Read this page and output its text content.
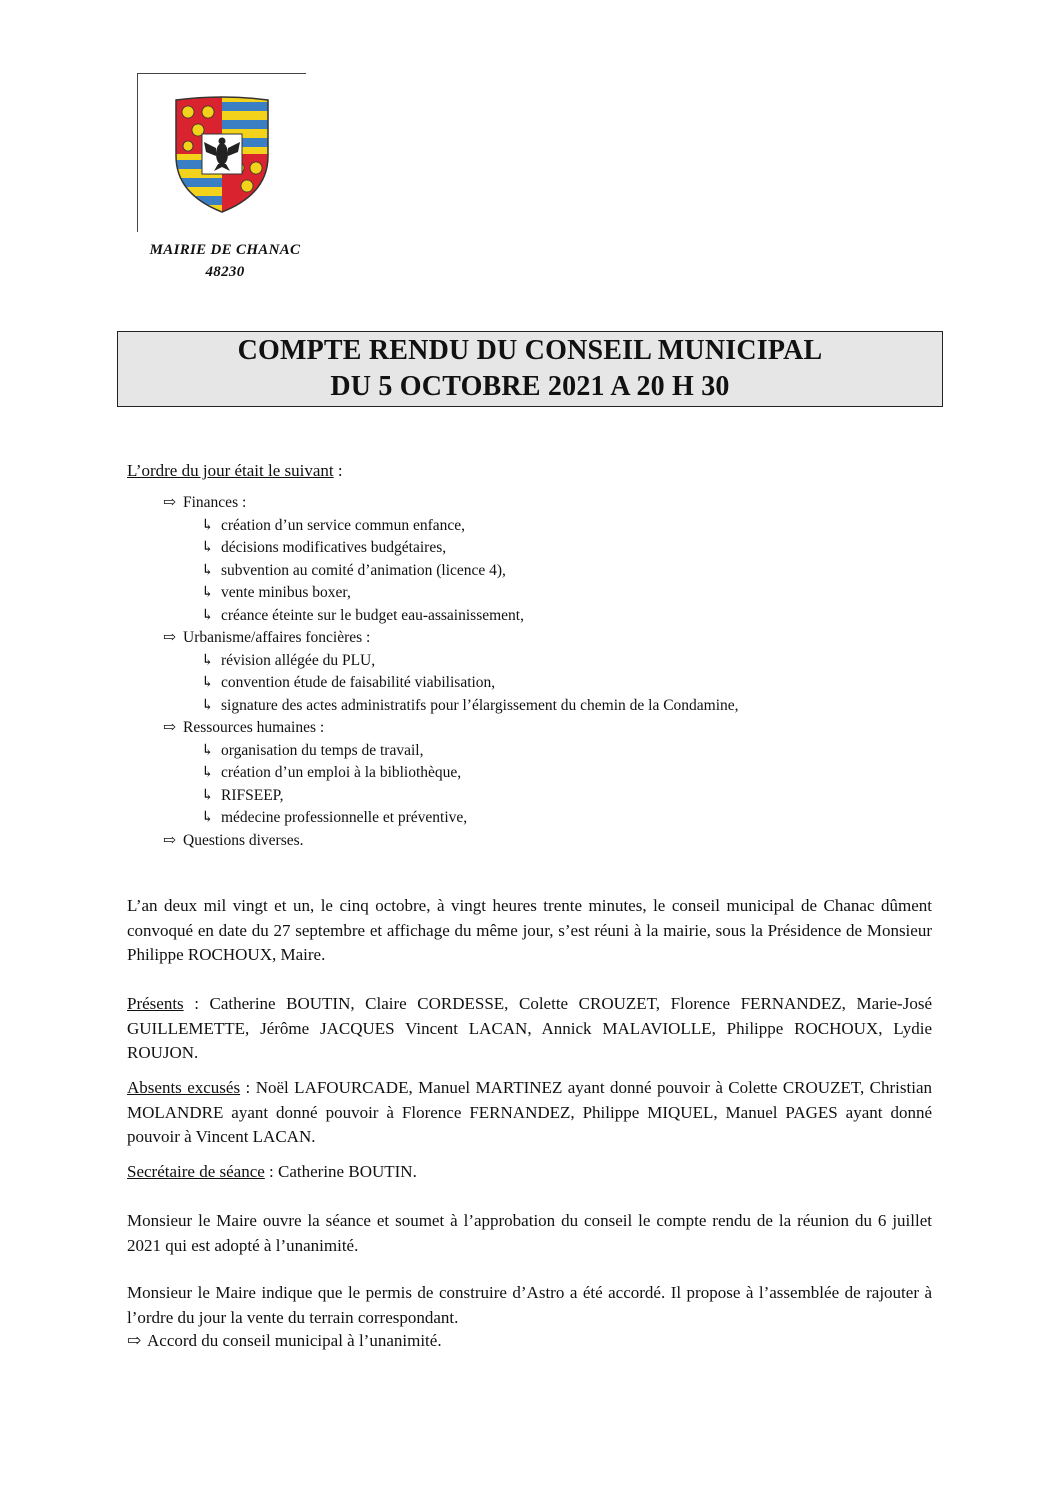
MAIRIE DE CHANAC
48230
COMPTE RENDU DU CONSEIL MUNICIPAL
DU 5 OCTOBRE 2021 A 20 H 30
L’ordre du jour était le suivant :
⇨ Finances :
↳ création d’un service commun enfance,
↳ décisions modificatives budgétaires,
↳ subvention au comité d’animation (licence 4),
↳ vente minibus boxer,
↳ créance éteinte sur le budget eau-assainissement,
⇨ Urbanisme/affaires foncières :
↳ révision allégée du PLU,
↳ convention étude de faisabilité viabilisation,
↳ signature des actes administratifs pour l’élargissement du chemin de la Condamine,
⇨ Ressources humaines :
↳ organisation du temps de travail,
↳ création d’un emploi à la bibliothèque,
↳ RIFSEEP,
↳ médecine professionnelle et préventive,
⇨ Questions diverses.
L’an deux mil vingt et un, le cinq octobre, à vingt heures trente minutes, le conseil municipal de Chanac dûment convoqué en date du 27 septembre et affichage du même jour, s’est réuni à la mairie, sous la Présidence de Monsieur Philippe ROCHOUX, Maire.
Présents : Catherine BOUTIN, Claire CORDESSE, Colette CROUZET, Florence FERNANDEZ, Marie-José GUILLEMETTE, Jérôme JACQUES Vincent LACAN, Annick MALAVIOLLE, Philippe ROCHOUX, Lydie ROUJON.
Absents excusés : Noël LAFOURCADE, Manuel MARTINEZ ayant donné pouvoir à Colette CROUZET, Christian MOLANDRE ayant donné pouvoir à Florence FERNANDEZ, Philippe MIQUEL, Manuel PAGES ayant donné pouvoir à Vincent LACAN.
Secrétaire de séance : Catherine BOUTIN.
Monsieur le Maire ouvre la séance et soumet à l’approbation du conseil le compte rendu de la réunion du 6 juillet 2021 qui est adopté à l’unanimité.
Monsieur le Maire indique que le permis de construire d’Astro a été accordé. Il propose à l’assemblée de rajouter à l’ordre du jour la vente du terrain correspondant.
⇨ Accord du conseil municipal à l’unanimité.
